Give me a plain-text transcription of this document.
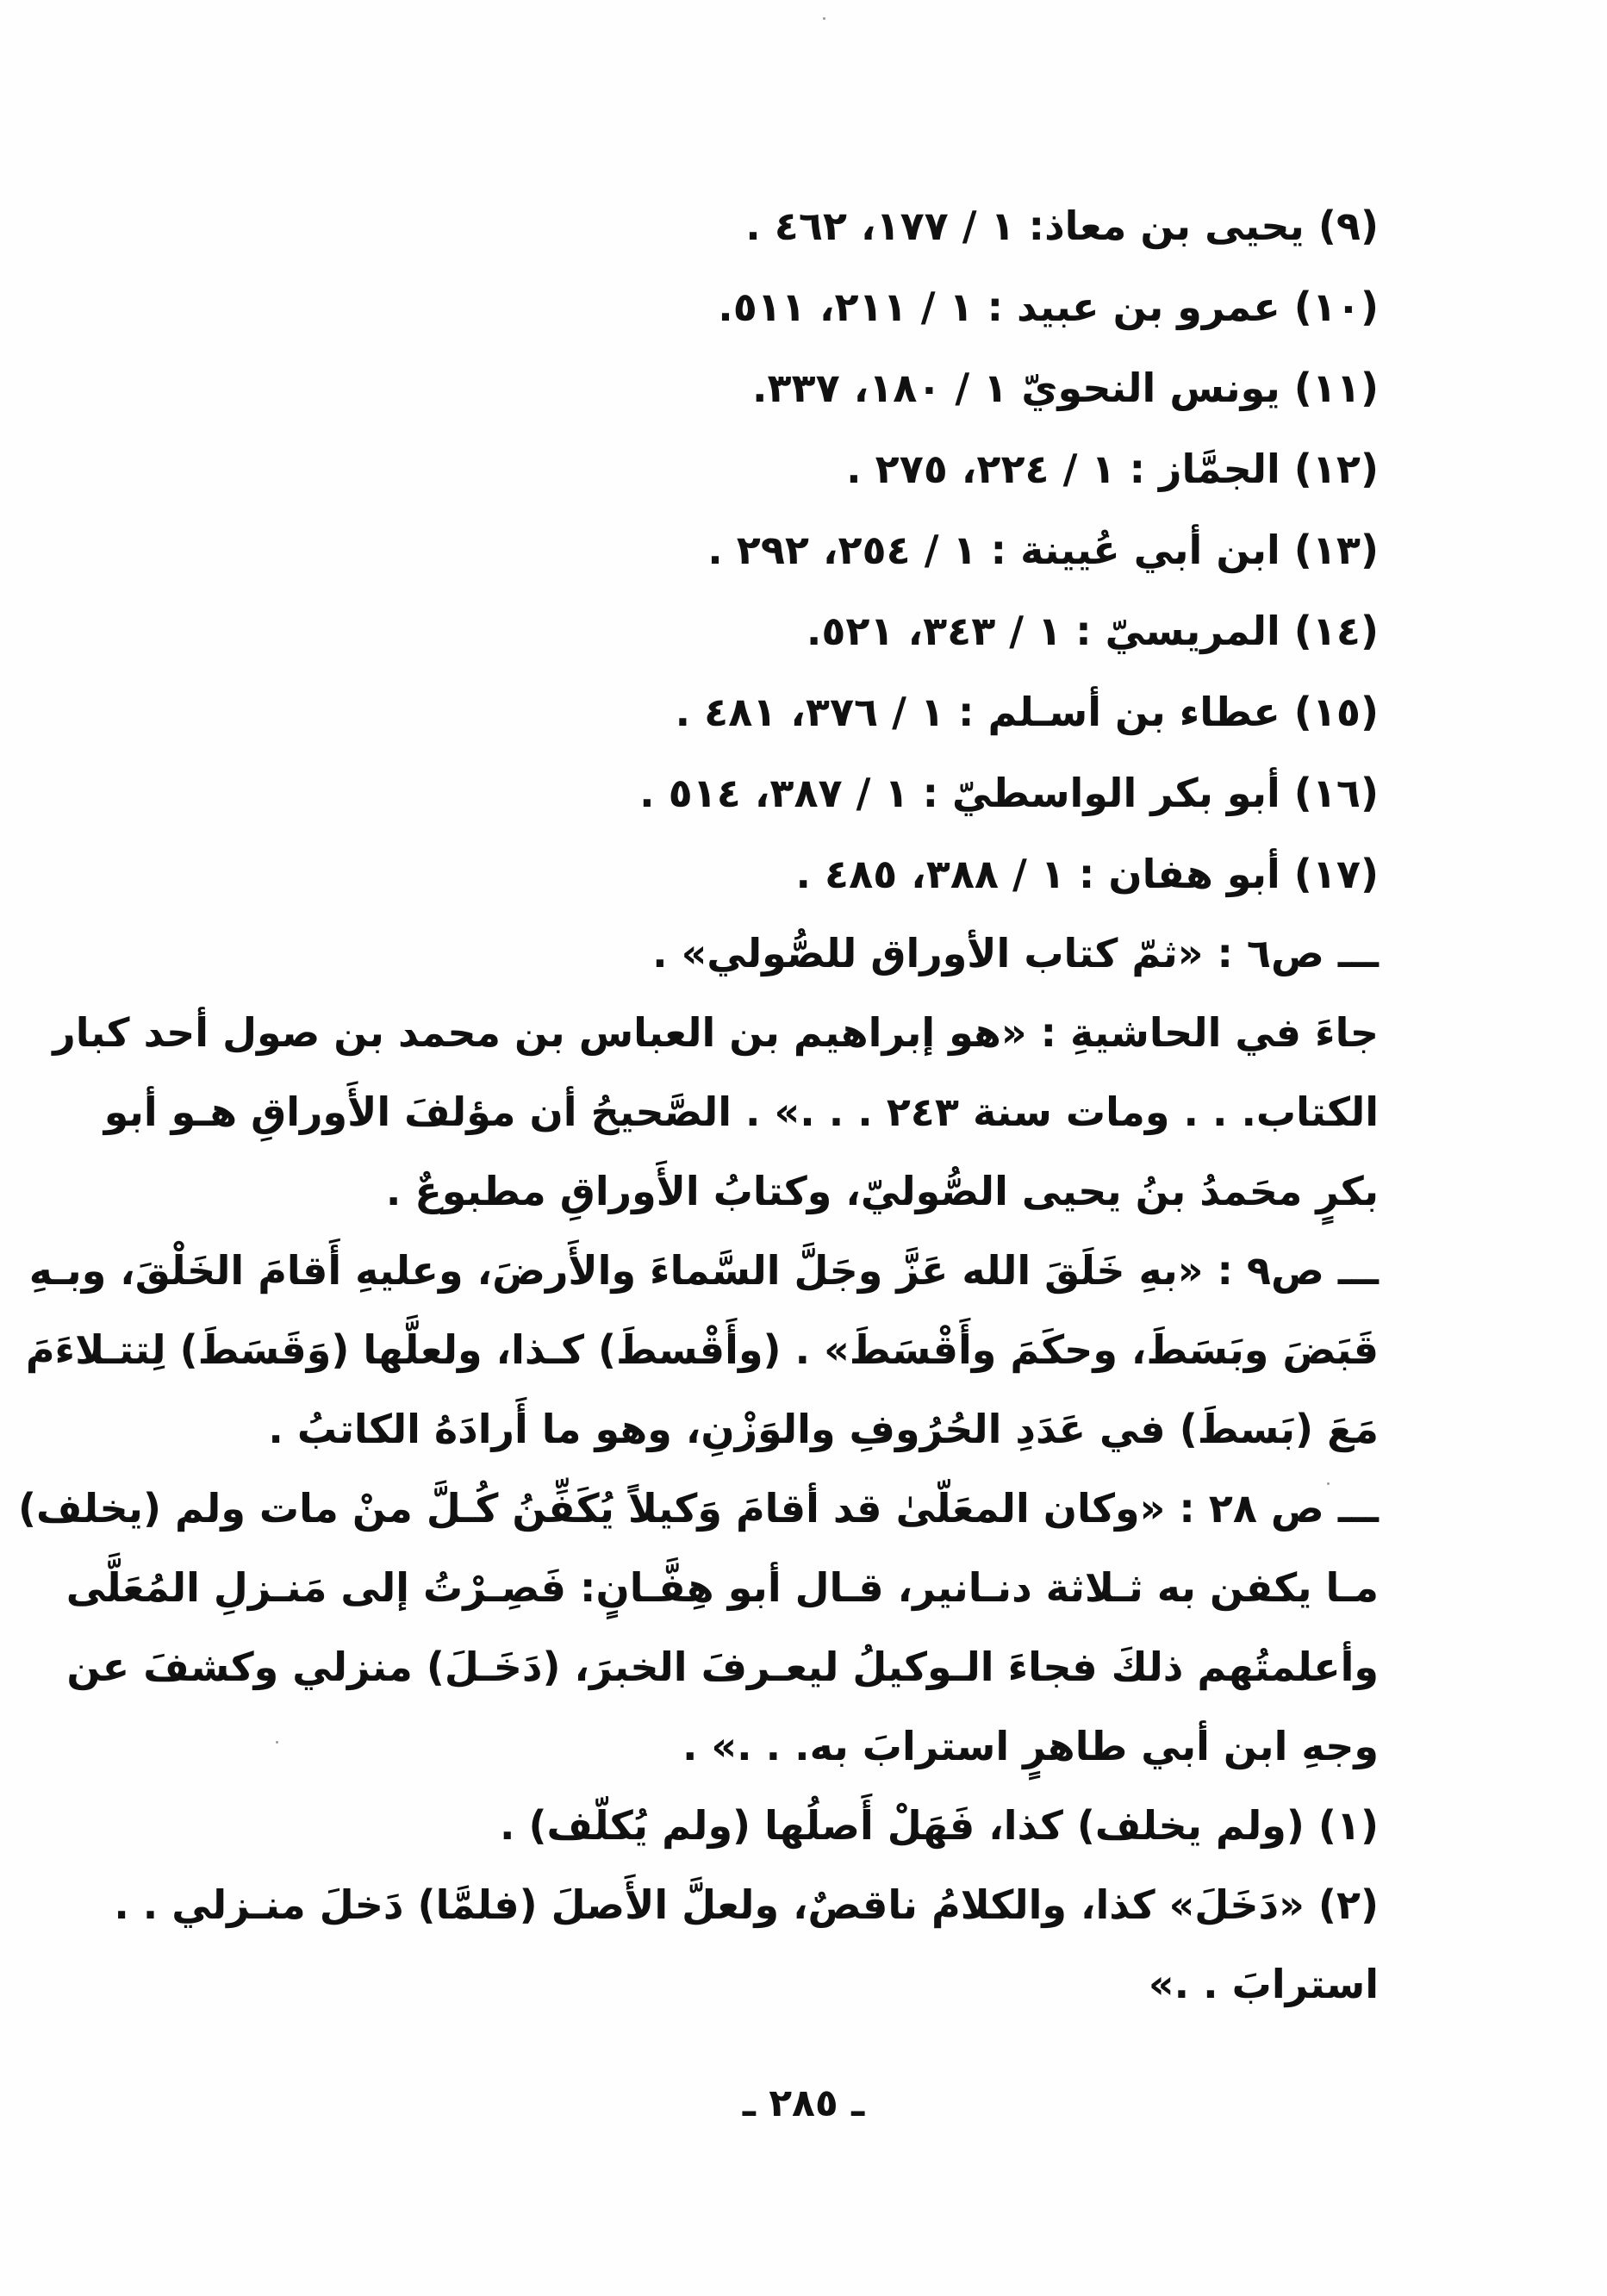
(٩) يحيى بن معاذ: ١ / ١٧٧، ٤٦٢ .
(١٠) عمرو بن عبيد : ١ / ٢١١، ٥١١.
(١١) يونس النحويّ ١ / ١٨٠، ٣٣٧.
(١٢) الجمَّاز : ١ / ٢٢٤، ٢٧٥ .
(١٣) ابن أبي عُيينة : ١ / ٢٥٤، ٢٩٢ .
(١٤) المريسيّ : ١ / ٣٤٣، ٥٢١.
(١٥) عطاء بن أسـلم : ١ / ٣٧٦، ٤٨١ .
(١٦) أبو بكر الواسطيّ : ١ / ٣٨٧، ٥١٤ .
(١٧) أبو هفان : ١ / ٣٨٨، ٤٨٥ .
ـــ ص٦ : «ثمّ كتاب الأوراق للصُّولي» .
جاءَ في الحاشيةِ : «هو إبراهيم بن العباس بن محمد بن صول أحد كبار
الكتاب. . . ومات سنة ٢٤٣ . . .» . الصَّحيحُ أن مؤلفَ الأَوراقِ هـو أبو
بكرٍ محَمدُ بنُ يحيى الصُّوليّ، وكتابُ الأَوراقِ مطبوعٌ .
ـــ ص٩ : «بهِ خَلَقَ الله عَزَّ وجَلَّ السَّماءَ والأَرضَ، وعليهِ أَقامَ الخَلْقَ، وبـهِ
قَبَضَ وبَسَطَ، وحكَمَ وأَقْسَطَ» . (وأَقْسطَ) كـذا، ولعلَّها (وَقَسَطَ) لِتتـلاءَمَ
مَعَ (بَسطَ) في عَدَدِ الحُرُوفِ والوَزْنِ، وهو ما أَرادَهُ الكاتبُ .
ـــ ص ٢٨ : «وكان المعَلّىٰ قد أقامَ وَكيلاً يُكَفِّنُ كُـلَّ منْ مات ولم (يخلف)
مـا يكفن به ثـلاثة دنـانير، قـال أبو هِفَّـانٍ: فَصِـرْتُ إلى مَنـزلِ المُعَلَّى
وأعلمتُهم ذلكَ فجاءَ الـوكيلُ ليعـرفَ الخبرَ، (دَخَـلَ) منزلي وكشفَ عن
وجهِ ابن أبي طاهرٍ استرابَ به. . .» .
(١) (ولم يخلف) كذا، فَهَلْ أَصلُها (ولم يُكلّف) .
(٢) «دَخَلَ» كذا، والكلامُ ناقصٌ، ولعلَّ الأَصلَ (فلمَّا) دَخلَ منـزلي . .
استرابَ . .»
ـ ٢٨٥ ـ
